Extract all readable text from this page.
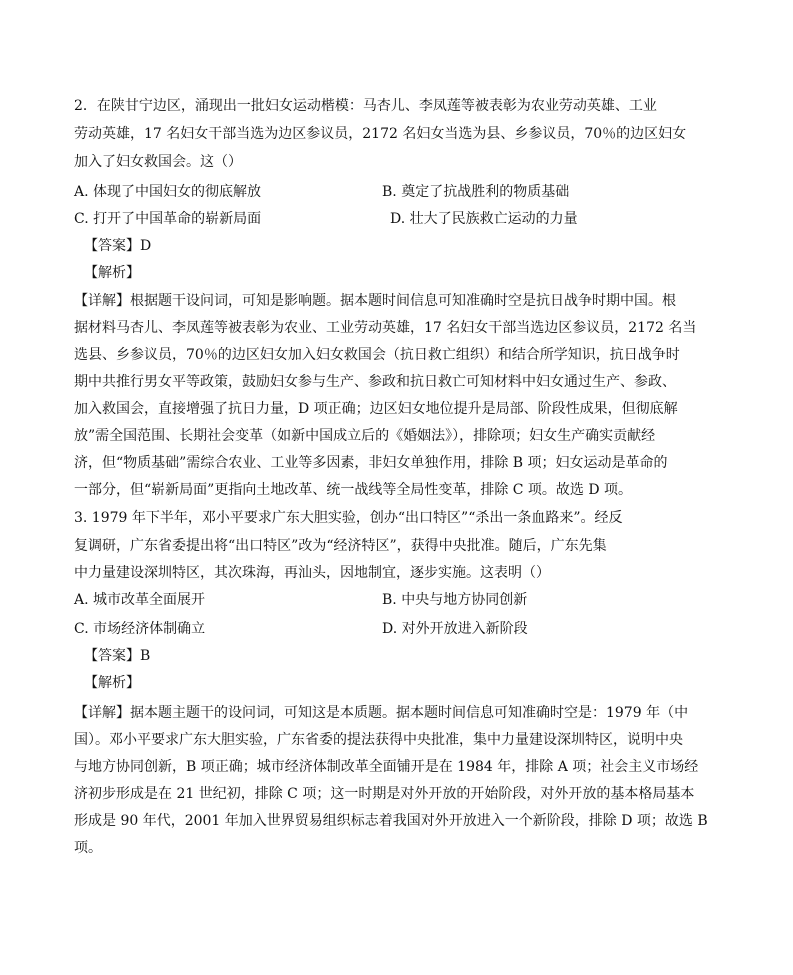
2．在陕甘宁边区，涌现出一批妇女运动楷模：马杏儿、李凤莲等被表彰为农业劳动英雄、工业
劳动英雄，17 名妇女干部当选为边区参议员，2172 名妇女当选为县、乡参议员，70％的边区妇女
加入了妇女救国会。这（）
A. 体现了中国妇女的彻底解放	B. 奠定了抗战胜利的物质基础
C. 打开了中国革命的崭新局面	D. 壮大了民族救亡运动的力量
【答案】D
【解析】
【详解】根据题干设问词，可知是影响题。据本题时间信息可知准确时空是抗日战争时期中国。根
据材料马杏儿、李凤莲等被表彰为农业、工业劳动英雄，17 名妇女干部当选边区参议员，2172 名当
选县、乡参议员，70％的边区妇女加入妇女救国会（抗日救亡组织）和结合所学知识，抗日战争时
期中共推行男女平等政策，鼓励妇女参与生产、参政和抗日救亡可知材料中妇女通过生产、参政、
加入救国会，直接增强了抗日力量，D 项正确；边区妇女地位提升是局部、阶段性成果，但彻底解
放”需全国范围、长期社会变革（如新中国成立后的《婚姻法》），排除项；妇女生产确实贡献经
济，但“物质基础”需综合农业、工业等多因素，非妇女单独作用，排除 B 项；妇女运动是革命的
一部分，但“崭新局面”更指向土地改革、统一战线等全局性变革，排除 C 项。故选 D 项。
3. 1979 年下半年，邓小平要求广东大胆实验，创办“出口特区”“杀出一条血路来”。经反
复调研，广东省委提出将“出口特区”改为“经济特区”，获得中央批准。随后，广东先集
中力量建设深圳特区，其次珠海，再汕头，因地制宜，逐步实施。这表明（）
A. 城市改革全面展开	B. 中央与地方协同创新
C. 市场经济体制确立	D. 对外开放进入新阶段
【答案】B
【解析】
【详解】据本题主题干的设问词，可知这是本质题。据本题时间信息可知准确时空是：1979 年（中
国）。邓小平要求广东大胆实验，广东省委的提法获得中央批准，集中力量建设深圳特区，说明中央
与地方协同创新，B 项正确；城市经济体制改革全面铺开是在 1984 年，排除 A 项；社会主义市场经
济初步形成是在 21 世纪初，排除 C 项；这一时期是对外开放的开始阶段，对外开放的基本格局基本
形成是 90 年代，2001 年加入世界贸易组织标志着我国对外开放进入一个新阶段，排除 D 项；故选 B
项。
